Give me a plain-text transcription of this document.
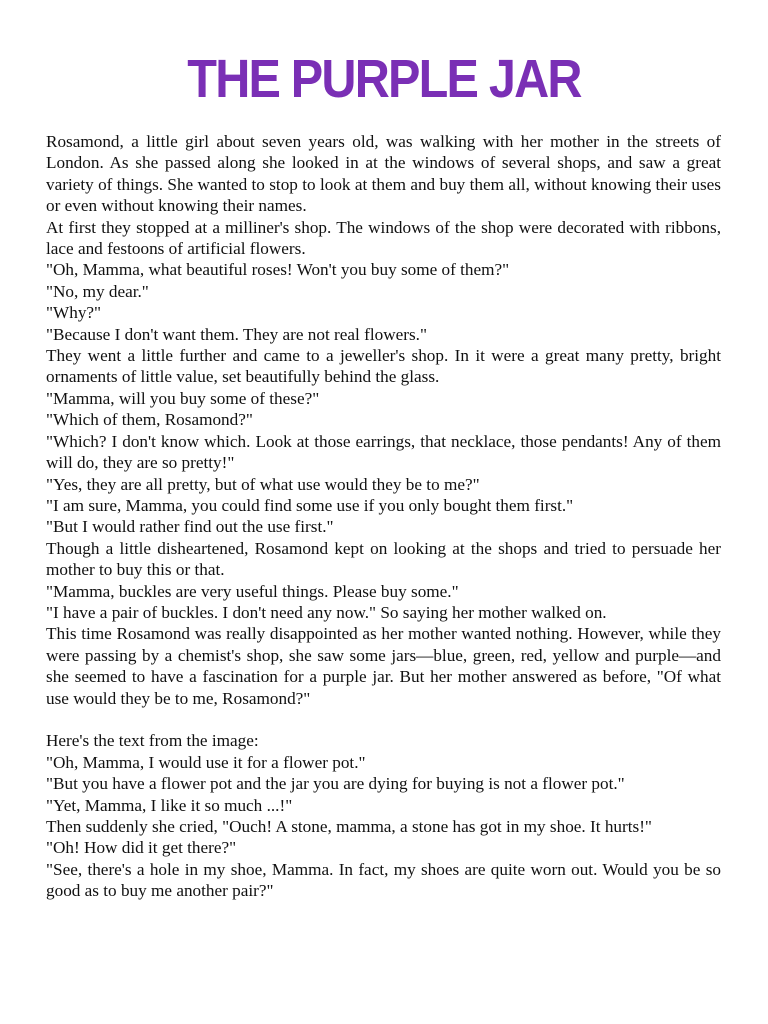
THE PURPLE JAR

Rosamond, a little girl about seven years old, was walking with her mother in the streets of London. As she passed along she looked in at the windows of several shops, and saw a great variety of things. She wanted to stop to look at them and buy them all, without knowing their uses or even without knowing their names.

At first they stopped at a milliner's shop. The windows of the shop were decorated with ribbons, lace and festoons of artificial flowers.

"Oh, Mamma, what beautiful roses! Won't you buy some of them?"

"No, my dear."

"Why?"

"Because I don't want them. They are not real flowers."

They went a little further and came to a jeweller's shop. In it were a great many pretty, bright ornaments of little value, set beautifully behind the glass.

"Mamma, will you buy some of these?"

"Which of them, Rosamond?"

"Which? I don't know which. Look at those earrings, that necklace, those pendants! Any of them will do, they are so pretty!"

"Yes, they are all pretty, but of what use would they be to me?"

"I am sure, Mamma, you could find some use if you only bought them first."

"But I would rather find out the use first."

Though a little disheartened, Rosamond kept on looking at the shops and tried to persuade her mother to buy this or that.

"Mamma, buckles are very useful things. Please buy some."

"I have a pair of buckles. I don't need any now." So saying her mother walked on.

This time Rosamond was really disappointed as her mother wanted nothing. However, while they were passing by a chemist's shop, she saw some jars—blue, green, red, yellow and purple—and she seemed to have a fascination for a purple jar. But her mother answered as before, "Of what use would they be to me, Rosamond?"

Here's the text from the image:

"Oh, Mamma, I would use it for a flower pot."

"But you have a flower pot and the jar you are dying for buying is not a flower pot."

"Yet, Mamma, I like it so much ...!"

Then suddenly she cried, "Ouch! A stone, mamma, a stone has got in my shoe. It hurts!"

"Oh! How did it get there?"

"See, there's a hole in my shoe, Mamma. In fact, my shoes are quite worn out. Would you be so good as to buy me another pair?"
